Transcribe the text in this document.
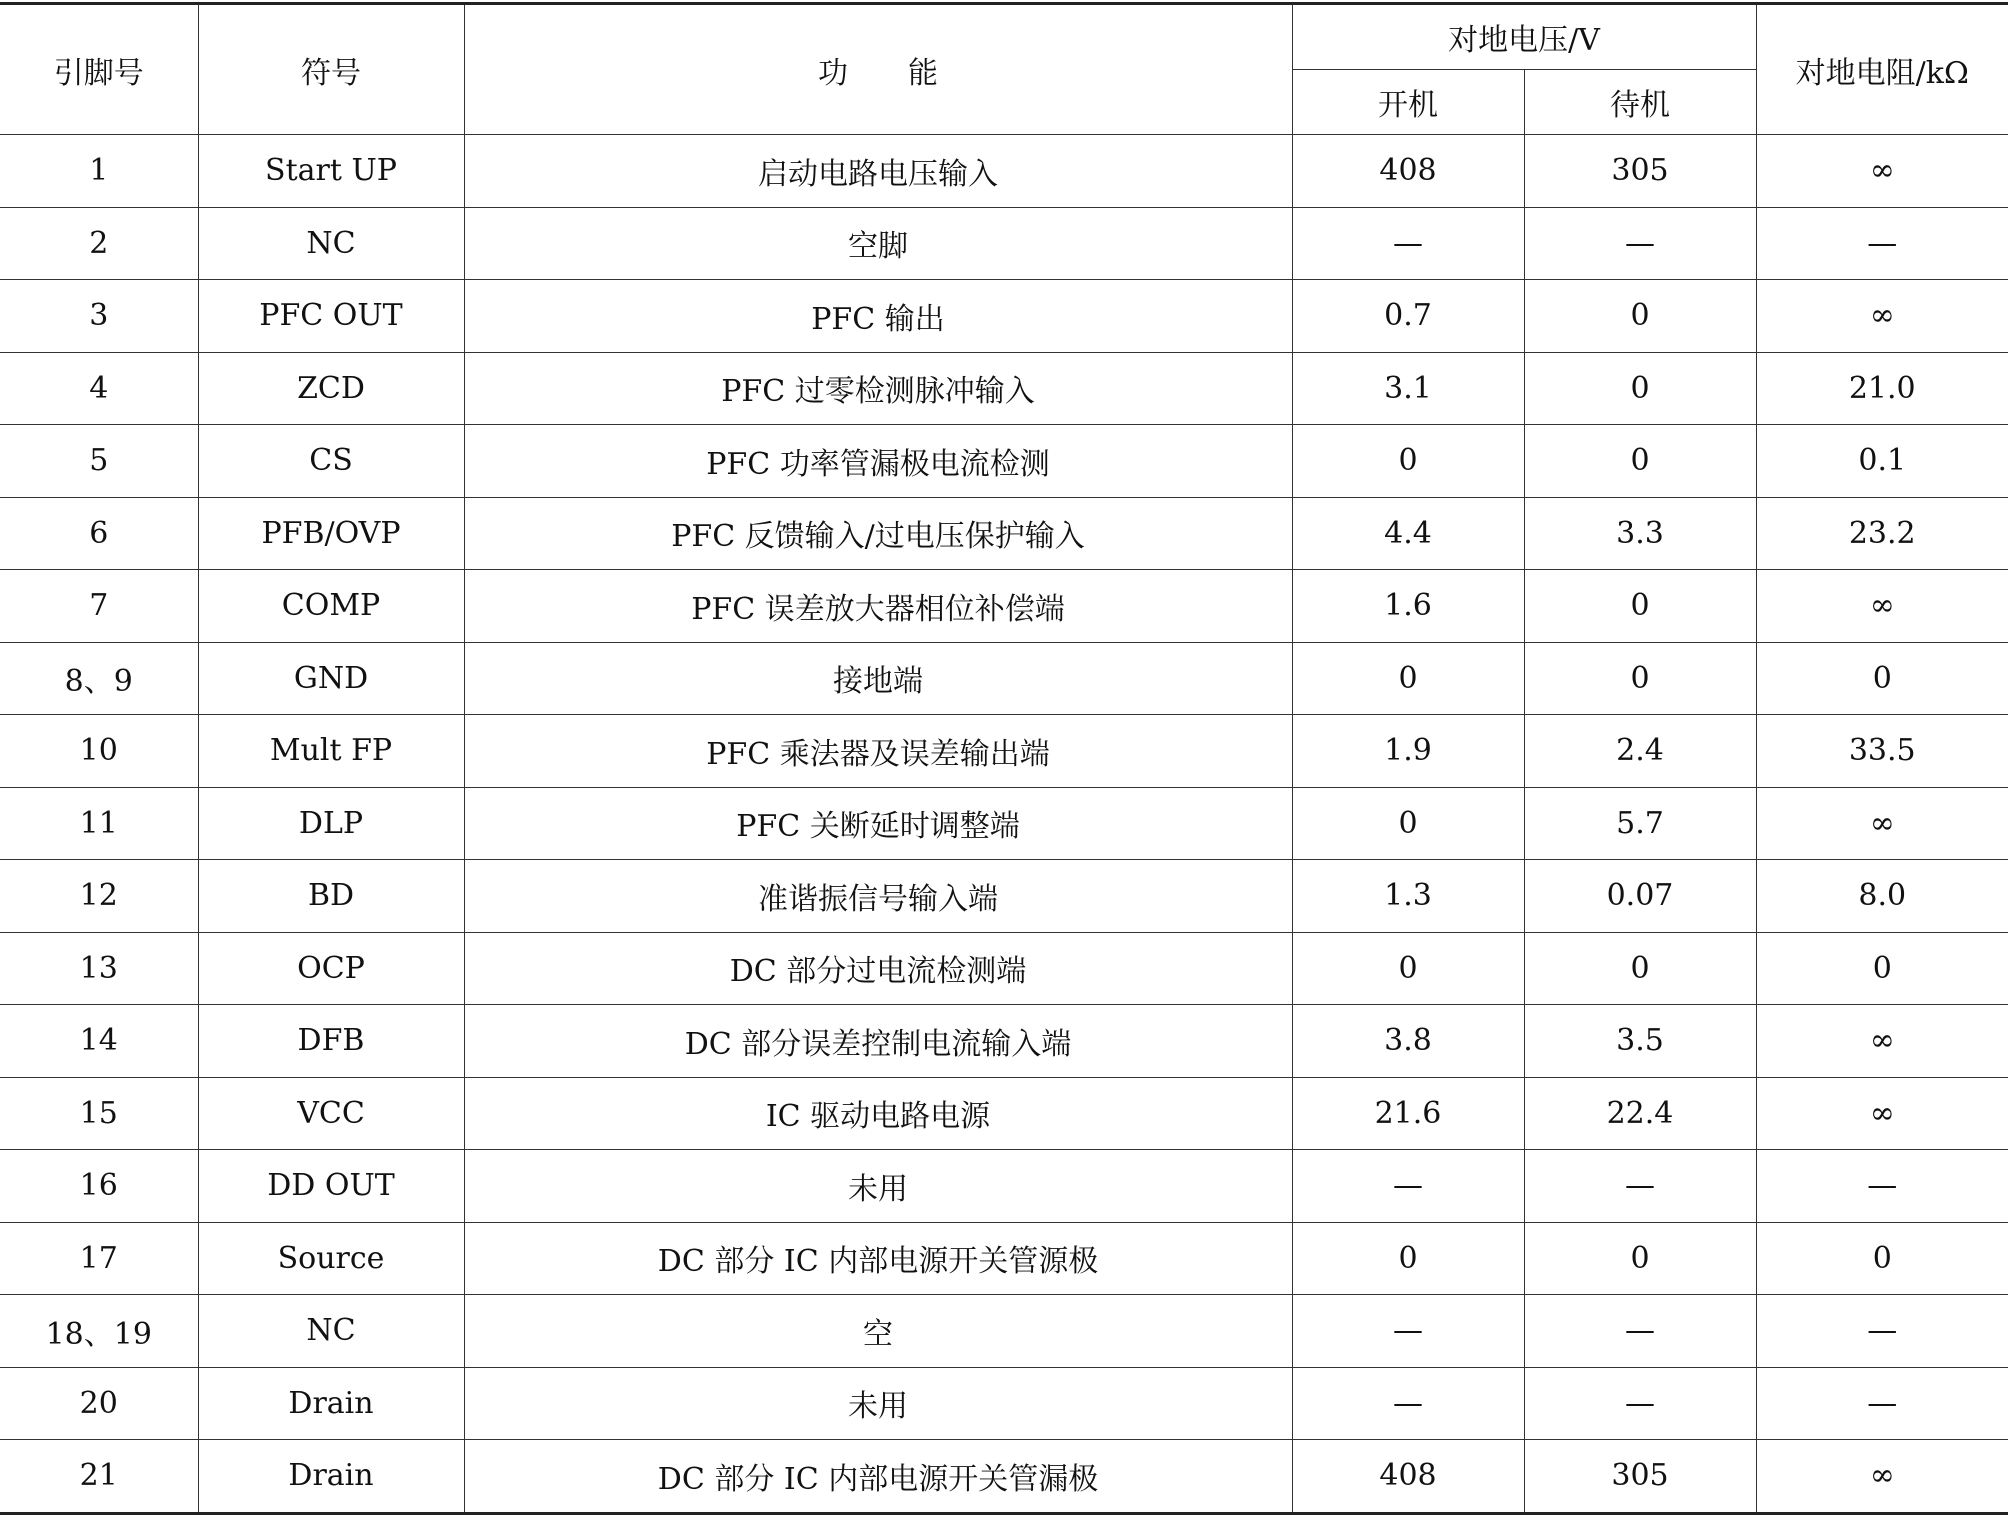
引脚号	符号	功　　能	对地电压/V		对地电阻/kΩ
			开机	待机	
1	Start UP	启动电路电压输入	408	305	∞
2	NC	空脚	—	—	—
3	PFC OUT	PFC 输出	0.7	0	∞
4	ZCD	PFC 过零检测脉冲输入	3.1	0	21.0
5	CS	PFC 功率管漏极电流检测	0	0	0.1
6	PFB/OVP	PFC 反馈输入/过电压保护输入	4.4	3.3	23.2
7	COMP	PFC 误差放大器相位补偿端	1.6	0	∞
8、9	GND	接地端	0	0	0
10	Mult FP	PFC 乘法器及误差输出端	1.9	2.4	33.5
11	DLP	PFC 关断延时调整端	0	5.7	∞
12	BD	准谐振信号输入端	1.3	0.07	8.0
13	OCP	DC 部分过电流检测端	0	0	0
14	DFB	DC 部分误差控制电流输入端	3.8	3.5	∞
15	VCC	IC 驱动电路电源	21.6	22.4	∞
16	DD OUT	未用	—	—	—
17	Source	DC 部分 IC 内部电源开关管源极	0	0	0
18、19	NC	空	—	—	—
20	Drain	未用	—	—	—
21	Drain	DC 部分 IC 内部电源开关管漏极	408	305	∞
